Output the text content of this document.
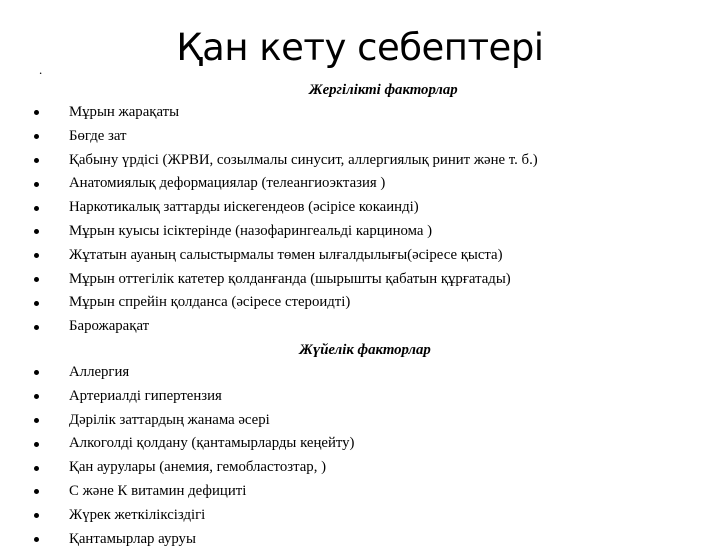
Қан кету себептері
.
Жергілікті факторлар
Мұрын жарақаты
Бөгде зат
Қабыну үрдісі (ЖРВИ, созылмалы синусит, аллергиялық ринит және т. б.)
Анатомиялық деформациялар (телеангиоэктазия )
Наркотикалық заттарды иіскегендеов (әсірісе кокаинді)
Мұрын куысы ісіктерінде (назофарингеальді карцинома )
Жұтатын ауаның салыстырмалы төмен ылғалдылығы(әсіресе қыста)
Мұрын оттегілік катетер қолданғанда (шырышты қабатын құрғатады)
Мұрын спрейін қолданса (әсіресе стероидті)
Барожарақат
Жүйелік факторлар
Аллергия
Артериалді гипертензия
Дәрілік заттардың жанама әсері
Алкоголді қолдану (қантамырларды кеңейту)
Қан аурулары (анемия, гемобластозтар, )
С және К витамин дефициті
Жүрек жеткіліксіздігі
Қантамырлар ауруы
